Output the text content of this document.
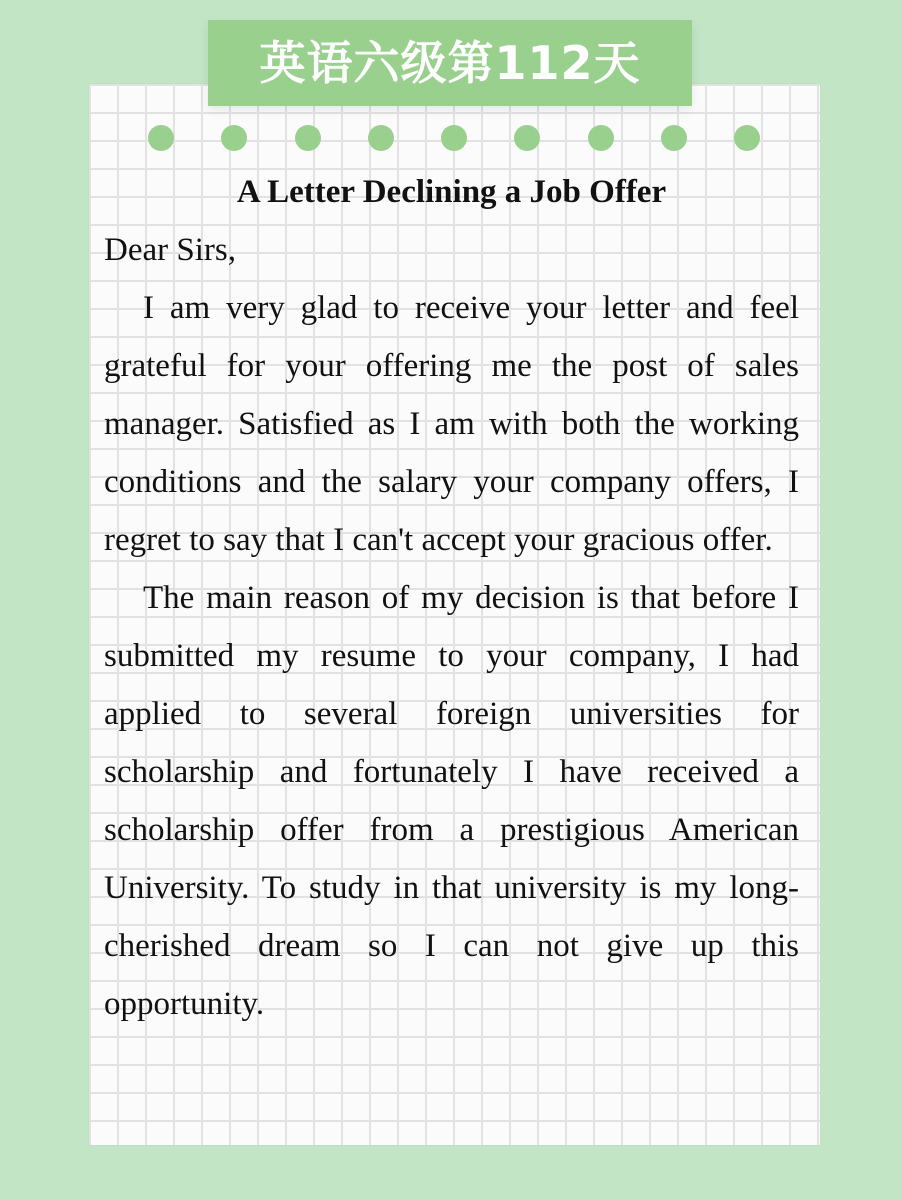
英语六级第112天
A Letter Declining a Job Offer

Dear Sirs,

I am very glad to receive your letter and feel grateful for your offering me the post of sales manager. Satisfied as I am with both the working conditions and the salary your company offers, I regret to say that I can't accept your gracious offer.

The main reason of my decision is that before I submitted my resume to your company, I had applied to several foreign universities for scholarship and fortunately I have received a scholarship offer from a prestigious American University. To study in that university is my long-cherished dream so I can not give up this opportunity.
